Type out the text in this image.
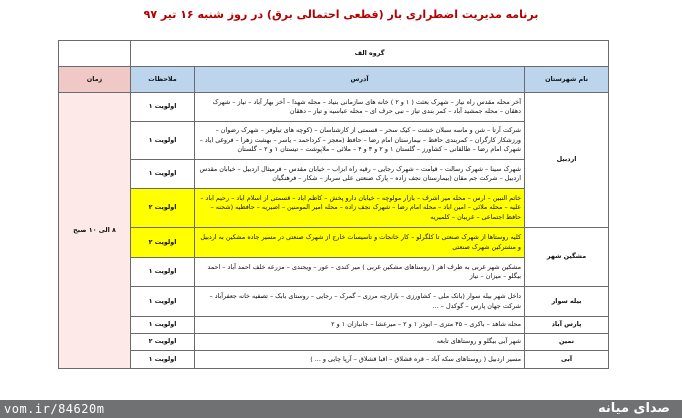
برنامه مدیریت اضطراری بار (قطعی احتمالی برق) در روز شنبه ۱۶ تیر ۹۷
گروه الف			
نام شهرستان	آدرس	ملاحظات	زمان
اردبیل	آخر محله مقدس راه نیاز – شهرک بعثت ( ۱ و ۲ ) خانه های سازمانی بنیاد – محله شهدا – آخر بهار آباد – نیاز – شهرک دهقان – محله جمشید آباد – کمر بندی تیاز – نبی حرف ای – محله عباسیه و تیاز – دهقان	اولویت ۱	۸ الی ۱۰ صبح
	شرکت آرتا – شن و ماسه سبلان خشت – کیک سحر – قسمتی از کارشناسان – (کوچه های تیلوفر – شهرک رضوان – ورزشکار کارگران – کمربندی حافظ – بیمارستان امام رضا – حافظ (معجز – کرداحمد – یاسر – بهشت زهرا – فروغی ایاد – شهرک امام رضا – طالقانی – کشاورز – گلستان ۱ و ۲ و ۳ و ۴ – ملائی – ملاپوشت – تیستان ۱ و ۲ – گلستان	اولویت ۱	
	شهرک سینا – شهرک رسالت – قیامت – شهرک رجایی – رقیه راه ابزاب – خیابان مقدس – فرمیثال اردبیل – خیابان مقدس اردبیل – شرکت جم مقان (بیمارستان نجف زاده – پارک صنعتی علی سرباز – شکار – فرهنگیان	اولویت ۱	
	خاتم النبین – ارس – محله میر اشرف – بازار مولوچه – خیابان دارو پخش – کاظم اباد – قسمتی از اسلام اباد – رحیم اباد – علیه – محله ملائی – امین اباد – محله امام رضا – شهرک نجف زاده – محله امیر المومنین – اصیریه – حافظیه (شحنه – حافظ اجتماعی – غریبان – کلمیریه	اولویت ۲	
مشگین شهر	کلیه روستاها از شهرک صنعتی تا کلگرلو – کار خانجات و تاسیسات خارج از شهرک صنعتی در مسیر جاده مشکین به اردبیل و مشترکین شهرک صنعتی	اولویت ۲	
	مشکین شهر غربی به طرف اهر ( روستاهای مشکین غربی ) میر کندی – عور – ویجندی – مزرعه خلف احمد آباد – احمد بیگلو – میزان – نیاز	اولویت ۱	
بیله سوار	داخل شهر بیله سوار (بانک ملی – کشاورزی – بازارچه مرزی – گمرک – رجایی – روستای بابک – تصفیه خانه جعفرآباد – شرکت جهان پارس – گوکدل – ...	اولویت ۱	
پارس آباد	محله شاهد – باکری – ۴۵ متری – ابوذر ۱ و ۲ – میرعشا – جانبازان ۱ و ۲	اولویت ۱	
نمین	شهر آبی بیگلو و روستاهای تابعه	اولویت ۲	
آبی	مسیر اردبیل ( روستاهای سکه آباد – قره قشلاق – اقبا قشلاق – آرپا چایی و ... )	اولویت ۱	
vom.ir/84620m	صدای میانه
